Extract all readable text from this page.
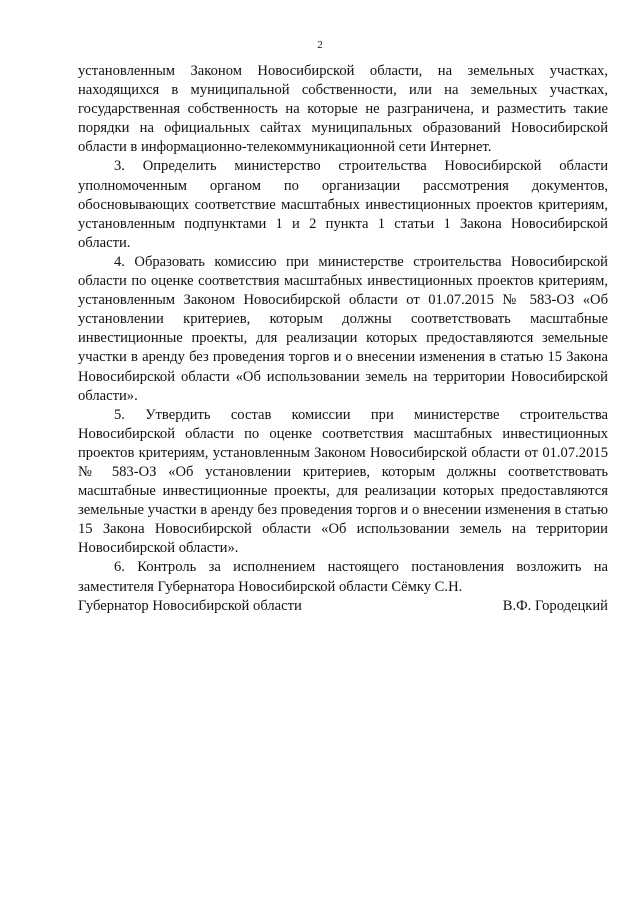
2

установленным Законом Новосибирской области, на земельных участках, находящихся в муниципальной собственности, или на земельных участках, государственная собственность на которые не разграничена, и разместить такие порядки на официальных сайтах муниципальных образований Новосибирской области в информационно-телекоммуникационной сети Интернет.

3. Определить министерство строительства Новосибирской области уполномоченным органом по организации рассмотрения документов, обосновывающих соответствие масштабных инвестиционных проектов критериям, установленным подпунктами 1 и 2 пункта 1 статьи 1 Закона Новосибирской области.

4. Образовать комиссию при министерстве строительства Новосибирской области по оценке соответствия масштабных инвестиционных проектов критериям, установленным Законом Новосибирской области от 01.07.2015 № 583-ОЗ «Об установлении критериев, которым должны соответствовать масштабные инвестиционные проекты, для реализации которых предоставляются земельные участки в аренду без проведения торгов и о внесении изменения в статью 15 Закона Новосибирской области «Об использовании земель на территории Новосибирской области».

5. Утвердить состав комиссии при министерстве строительства Новосибирской области по оценке соответствия масштабных инвестиционных проектов критериям, установленным Законом Новосибирской области от 01.07.2015 № 583-ОЗ «Об установлении критериев, которым должны соответствовать масштабные инвестиционные проекты, для реализации которых предоставляются земельные участки в аренду без проведения торгов и о внесении изменения в статью 15 Закона Новосибирской области «Об использовании земель на территории Новосибирской области».

6. Контроль за исполнением настоящего постановления возложить на заместителя Губернатора Новосибирской области Сёмку С.Н.

Губернатор Новосибирской области	В.Ф. Городецкий
